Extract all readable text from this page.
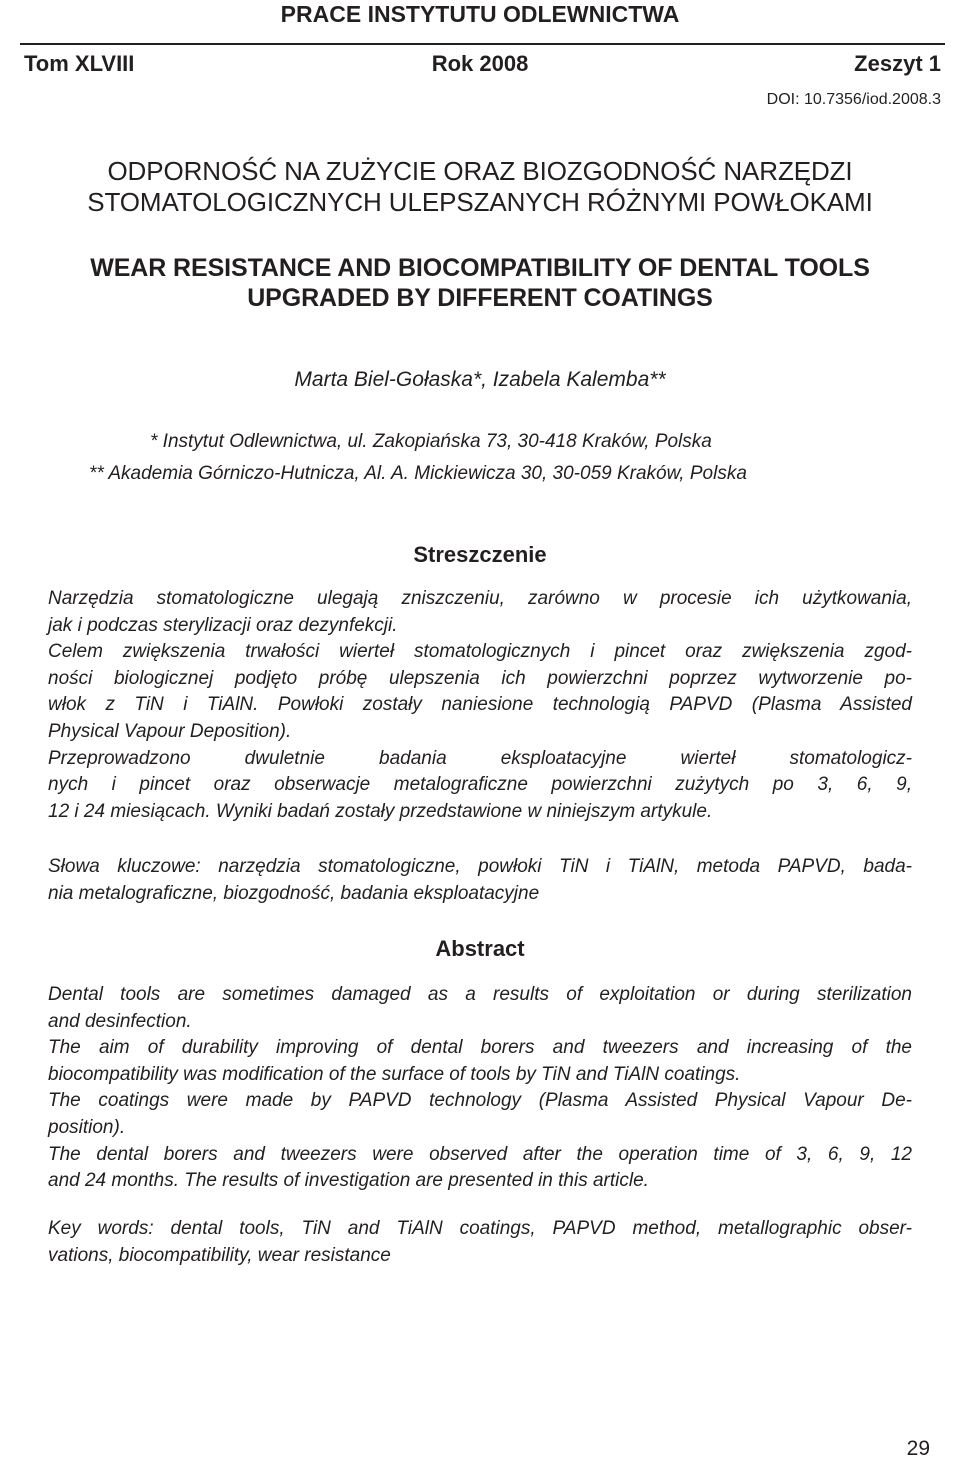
PRACE INSTYTUTU ODLEWNICTWA
Tom XLVIII	Rok 2008	Zeszyt 1
DOI: 10.7356/iod.2008.3
ODPORNOŚĆ NA ZUŻYCIE ORAZ BIOZGODNOŚĆ NARZĘDZI
STOMATOLOGICZNYCH ULEPSZANYCH RÓŻNYMI POWŁOKAMI
WEAR RESISTANCE AND BIOCOMPATIBILITY OF DENTAL TOOLS
UPGRADED BY DIFFERENT COATINGS
Marta Biel-Gołaska*, Izabela Kalemba**
* Instytut Odlewnictwa, ul. Zakopiańska 73, 30-418 Kraków, Polska
** Akademia Górniczo-Hutnicza, Al. A. Mickiewicza 30, 30-059 Kraków, Polska
Streszczenie
Narzędzia stomatologiczne ulegają zniszczeniu, zarówno w procesie ich użytkowania,
jak i podczas sterylizacji oraz dezynfekcji.
Celem zwiększenia trwałości wierteł stomatologicznych i pincet oraz zwiększenia zgod-
ności biologicznej podjęto próbę ulepszenia ich powierzchni poprzez wytworzenie po-
włok z TiN i TiAlN. Powłoki zostały naniesione technologią PAPVD (Plasma Assisted
Physical Vapour Deposition).
Przeprowadzono dwuletnie badania eksploatacyjne wierteł stomatologicz-
nych i pincet oraz obserwacje metalograficzne powierzchni zużytych po 3, 6, 9,
12 i 24 miesiącach. Wyniki badań zostały przedstawione w niniejszym artykule.
Słowa kluczowe: narzędzia stomatologiczne, powłoki TiN i TiAlN, metoda PAPVD, bada-
nia metalograficzne, biozgodność, badania eksploatacyjne
Abstract
Dental tools are sometimes damaged as a results of exploitation or during sterilization
and desinfection.
The aim of durability improving of dental borers and tweezers and increasing of the
biocompatibility was modification of the surface of tools by TiN and TiAlN coatings.
The coatings were made by PAPVD technology (Plasma Assisted Physical Vapour De-
position).
The dental borers and tweezers were observed after the operation time of 3, 6, 9, 12
and 24 months. The results of investigation are presented in this article.
Key words: dental tools, TiN and TiAlN coatings, PAPVD method, metallographic obser-
vations, biocompatibility, wear resistance
29
